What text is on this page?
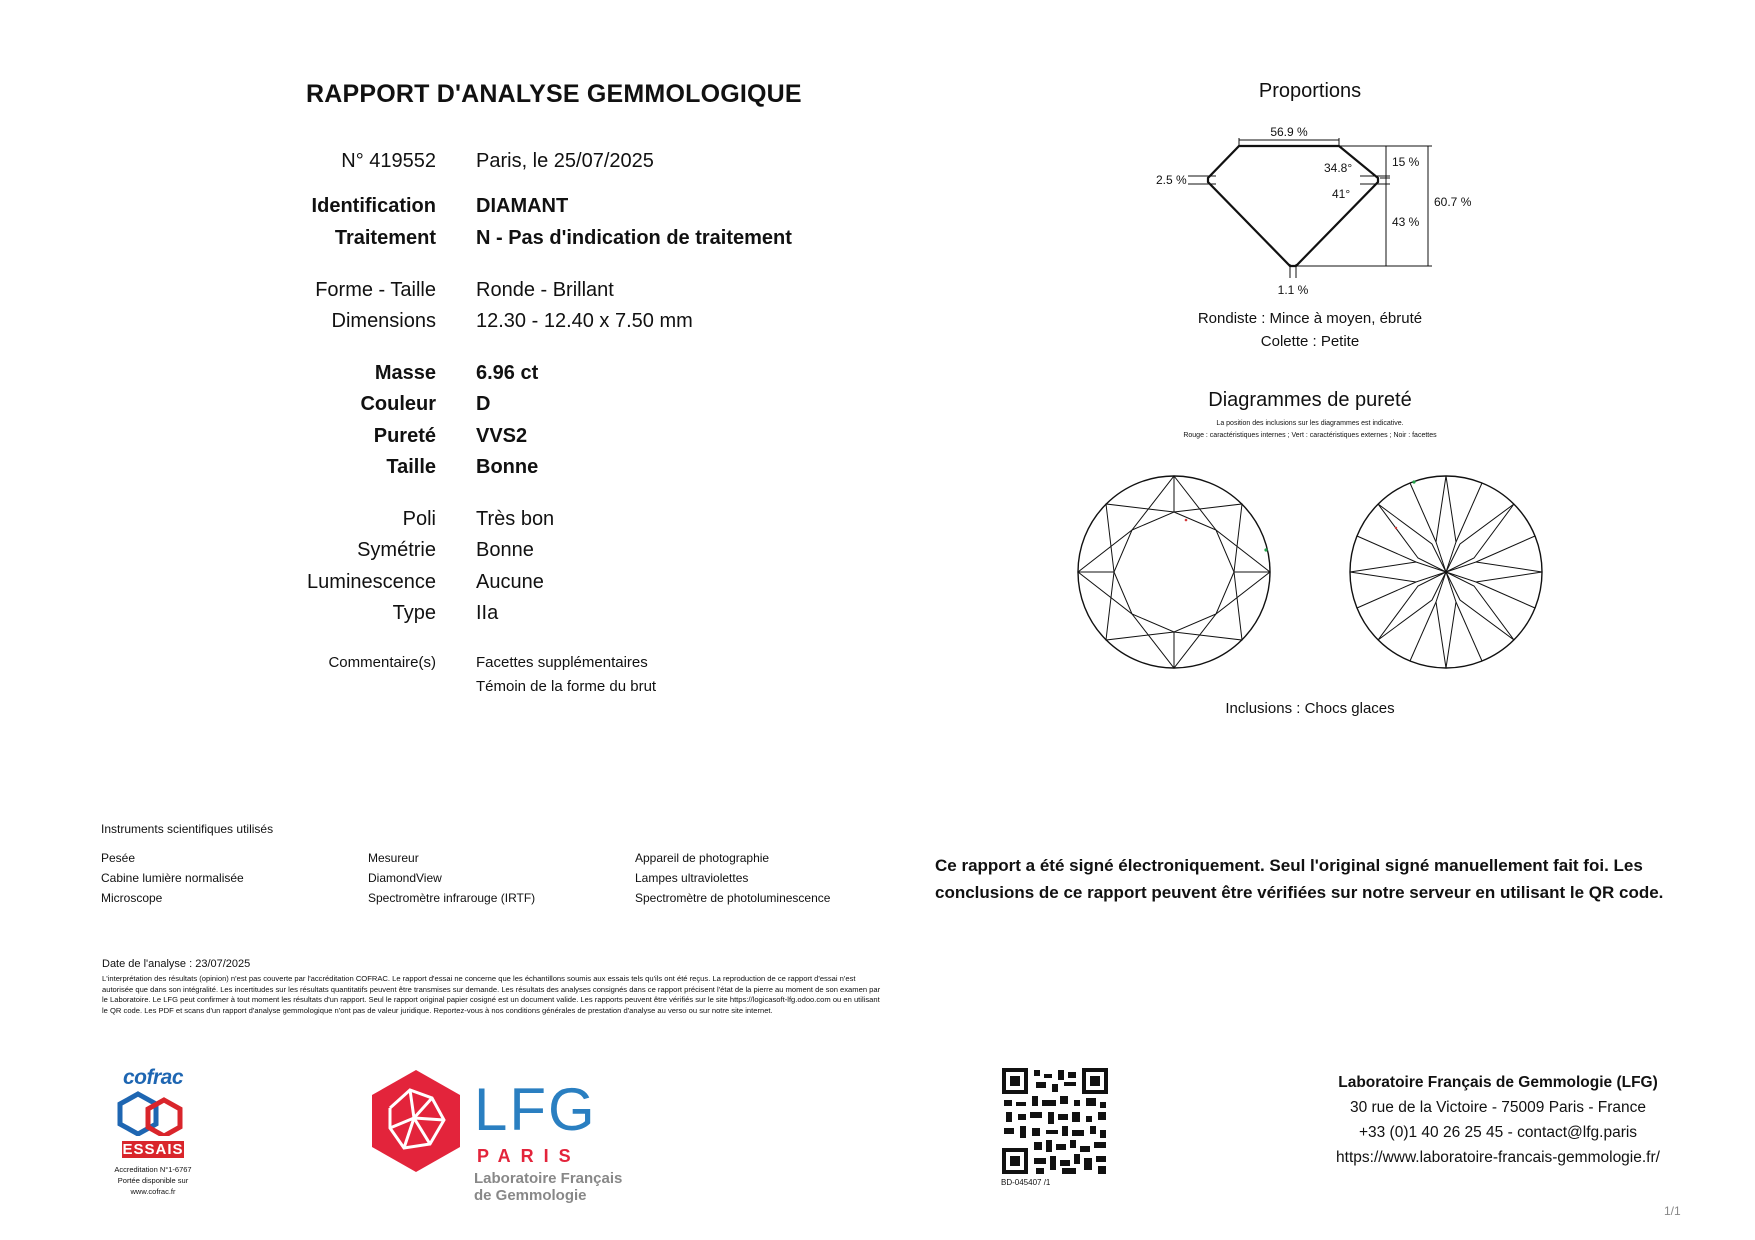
RAPPORT D'ANALYSE GEMMOLOGIQUE
N° 419552 Paris, le 25/07/2025
Identification DIAMANT
Traitement N - Pas d'indication de traitement
Forme - Taille Ronde - Brillant
Dimensions 12.30 - 12.40 x 7.50 mm
Masse 6.96 ct
Couleur D
Pureté VVS2
Taille Bonne
Poli Très bon
Symétrie Bonne
Luminescence Aucune
Type IIa
Commentaire(s)	Facettes supplémentaires
Témoin de la forme du brut
Proportions
56.9 %
2.5 %
34.8°
41°
15 %
60.7 %
43 %
1.1 %
Rondiste : Mince à moyen, ébruté
Colette : Petite
Diagrammes de pureté
La position des inclusions sur les diagrammes est indicative.
Rouge : caractéristiques internes ; Vert : caractéristiques externes ; Noir : facettes
Inclusions : Chocs glaces
Instruments scientifiques utilisés
Pesée
Cabine lumière normalisée
Microscope
Mesureur
DiamondView
Spectromètre infrarouge (IRTF)
Appareil de photographie
Lampes ultraviolettes
Spectromètre de photoluminescence
Ce rapport a été signé électroniquement. Seul l'original signé manuellement fait foi. Les conclusions de ce rapport peuvent être vérifiées sur notre serveur en utilisant le QR code.
Date de l'analyse : 23/07/2025
L'interprétation des résultats (opinion) n'est pas couverte par l'accréditation COFRAC. Le rapport d'essai ne concerne que les échantillons soumis aux essais tels qu'ils ont été reçus. La reproduction de ce rapport d'essai n'est autorisée que dans son intégralité. Les incertitudes sur les résultats quantitatifs peuvent être transmises sur demande. Les résultats des analyses consignés dans ce rapport précisent l'état de la pierre au moment de son examen par le Laboratoire. Le LFG peut confirmer à tout moment les résultats d'un rapport. Seul le rapport original papier cosigné est un document valide. Les rapports peuvent être vérifiés sur le site https://logicasoft-lfg.odoo.com ou en utilisant le QR code. Les PDF et scans d'un rapport d'analyse gemmologique n'ont pas de valeur juridique. Reportez-vous à nos conditions générales de prestation d'analyse au verso ou sur notre site internet.
cofrac
ESSAIS
Accreditation N°1-6767
Portée disponible sur
www.cofrac.fr
LFG
PARIS
Laboratoire Français
de Gemmologie
BD-045407 /1
Laboratoire Français de Gemmologie (LFG)
30 rue de la Victoire - 75009 Paris - France
+33 (0)1 40 26 25 45 - contact@lfg.paris
https://www.laboratoire-francais-gemmologie.fr/
1/1
